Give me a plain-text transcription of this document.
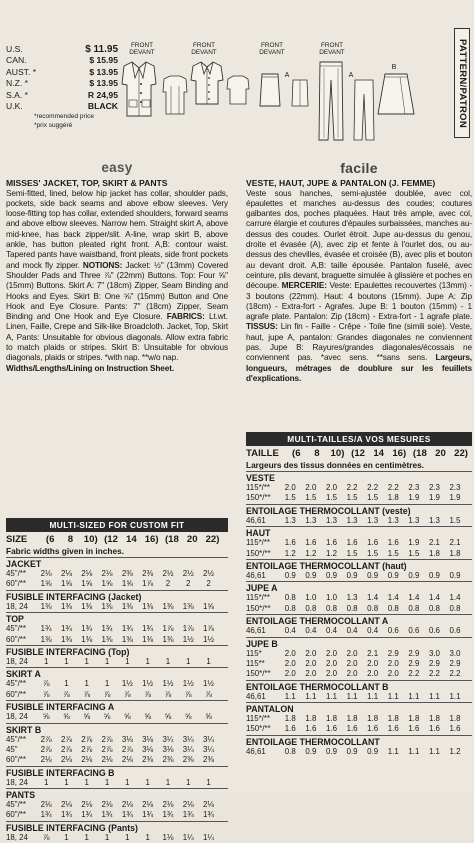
U.S.	$ 11.95
CAN.	$ 15.95
AUST. *	$ 13.95
N.Z. *	$ 13.95
S.A. *	R 24,95
U.K.	BLACK
*recommended price
*prix suggéré
FRONT
DEVANT
FRONT
DEVANT
FRONT
DEVANT
FRONT
DEVANT
A	A
B	PATTERN/PATRON
easy
MISSES' JACKET, TOP, SKIRT & PANTS
Semi-fitted, lined, below hip jacket has collar, shoulder pads, pockets, side back seams and above elbow sleeves. Very loose-fitting top has collar, extended shoulders, forward seams and above elbow sleeves. Narrow hem. Straight skirt A, above mid-knee, has back zipper/slit. A-line, wrap skirt B, above ankle, has button pleated right front. A,B: contour waist. Tapered pants have waistband, front pleats, side front pockets and mock fly zipper. NOTIONS: Jacket: ½" (13mm) Covered Shoulder Pads and Three ⅞" (22mm) Buttons. Top: Four ⅝" (15mm) Buttons. Skirt A: 7" (18cm) Zipper, Seam Binding and Hooks and Eyes. Skirt B: One ⅝" (15mm) Button and One Hook and Eye Closure. Pants: 7" (18cm) Zipper, Seam Binding and One Hook and Eye Closure. FABRICS: Lt.wt. Linen, Faille, Crepe and Silk-like Broadcloth. Jacket, Top, Skirt A, Pants: Unsuitable for obvious diagonals. Allow extra fabric to match plaids or stripes. Skirt B: Unsuitable for obvious diagonals, plaids or stripes. *with nap. **w/o nap.
Widths/Lengths/Lining on Instruction Sheet.
facile
VESTE, HAUT, JUPE & PANTALON (J. FEMME)
Veste sous hanches, semi-ajustée doublée, avec col, épaulettes et manches au-dessus des coudes; coutures galbantes dos, poches plaquées. Haut très ample, avec col, carrure élargie et coutures d'épaules surbaissées, manches au-dessus des coudes. Ourlet étroit. Jupe au-dessus du genou, droite et évasée (A), avec zip et fente à l'ourlet dos, ou au-dessus des chevilles, évasée et croisée (B), avec plis et bouton au devant droit. A,B: taille épousée. Pantalon fuselé, avec ceinture, plis devant, braguette simulée à glissière et poches en découpe. MERCERIE: Veste: Epaulettes recouvertes (13mm) - 3 boutons (22mm). Haut: 4 boutons (15mm). Jupe A: Zip (18cm) - Extra-fort - Agrafes. Jupe B: 1 bouton (15mm) - 1 agrafe plate. Pantalon: Zip (18cm) - Extra-fort - 1 agrafe plate. TISSUS: Lin fin - Faille - Crêpe - Toile fine (simili soie). Veste, haut, jupe A, pantalon: Grandes diagonales ne conviennent pas. Jupe B: Rayures/grandes diagonales/écossais ne conviennent pas. *avec sens. **sans sens. Largeurs, longueurs, métrages de doublure sur les feuillets d'explications.
MULTI-SIZED FOR CUSTOM FIT
MULTI-TAILLES/A VOS MESURES
SIZE	(6	8	10) (12 14 16) (18 20 22)
Fabric widths given in inches.
JACKET
45"/**	2⅛	2⅛	2⅛	2⅛	2⅜	2⅜	2½	2½	2½
60"/**	1⅝	1⅝	1⅝	1⅝	1⅝	1⅞	2	2	2
FUSIBLE INTERFACING (Jacket)
18, 24	1⅜	1⅜	1⅜	1⅜	1⅜	1⅜	1⅜	1⅜	1⅝
TOP
45"/**	1¾	1¾	1¾	1¾	1¾	1¾	1⅞	1⅞	1⅞
60"/**	1⅜	1⅜	1⅜	1⅜	1⅜	1⅜	1⅜	1½	1½
FUSIBLE INTERFACING (Top)
18, 24	1	1	1	1	1	1	1	1	1
SKIRT A
45"/**	⅞	1	1	1	1½	1½	1½	1½	1½
60"/**	⅞	⅞	⅞	⅞	⅞	⅞	⅞	⅞	⅞
FUSIBLE INTERFACING A
18, 24	⅝	⅝	⅝	⅝	⅝	⅝	⅝	⅝	⅝
SKIRT B
45"/**	2⅞	2⅞	2⅞	2⅞	3⅛	3⅛	3¼	3¼	3¼
45"	2⅞	2⅞	2⅞	2⅞	2⅞	3⅛	3⅛	3¼	3¼
60"/**	2⅛	2⅛	2⅛	2⅛	2⅛	2⅜	2⅜	2⅜	2⅜
FUSIBLE INTERFACING B
18, 24	1	1	1	1	1	1	1	1	1
PANTS
45"/**	2⅛	2⅛	2⅛	2⅛	2⅛	2⅛	2⅛	2⅛	2⅛
60"/**	1¾	1¾	1¾	1¾	1¾	1¾	1¾	1¾	1¾
FUSIBLE INTERFACING (Pants)
18, 24	⅞	1	1	1	1	1	1⅛	1¼	1¼
TAILLE	(6	8	10) (12 14 16) (18 20 22)
Largeurs des tissus données en centimètres.
VESTE
115*/**	2.0	2.0	2.0	2.2	2.2	2.2	2.3	2.3	2.3
150*/**	1.5	1.5	1.5	1.5	1.5	1.8	1.9	1.9	1.9
ENTOILAGE THERMOCOLLANT (veste)
46,61	1.3	1.3	1.3	1.3	1.3	1.3	1.3	1.3	1.5
HAUT
115*/**	1.6	1.6	1.6	1.6	1.6	1.6	1.9	2.1	2.1
150*/**	1.2	1.2	1.2	1.5	1.5	1.5	1.5	1.8	1.8
ENTOILAGE THERMOCOLLANT (haut)
46,61	0.9	0.9	0.9	0.9	0.9	0.9	0.9	0.9	0.9
JUPE A
115*/**	0.8	1.0	1.0	1.3	1.4	1.4	1.4	1.4	1.4
150*/**	0.8	0.8	0.8	0.8	0.8	0.8	0.8	0.8	0.8
ENTOILAGE THERMOCOLLANT A
46,61	0.4	0.4	0.4	0.4	0.4	0.6	0.6	0.6	0.6
JUPE B
115*	2.0	2.0	2.0	2.0	2.1	2.9	2.9	3.0	3.0
115**	2.0	2.0	2.0	2.0	2.0	2.0	2.9	2.9	2.9
150*/**	2.0	2.0	2.0	2.0	2.0	2.0	2.2	2.2	2.2
ENTOILAGE THERMOCOLLANT B
46,61	1.1	1.1	1.1	1.1	1.1	1.1	1.1	1.1	1.1
PANTALON
115*/**	1.8	1.8	1.8	1.8	1.8	1.8	1.8	1.8	1.8
150*/**	1.6	1.6	1.6	1.6	1.6	1.6	1.6	1.6	1.6
ENTOILAGE THERMOCOLLANT
46,61	0.8	0.9	0.9	0.9	0.9	1.1	1.1	1.1	1.2
